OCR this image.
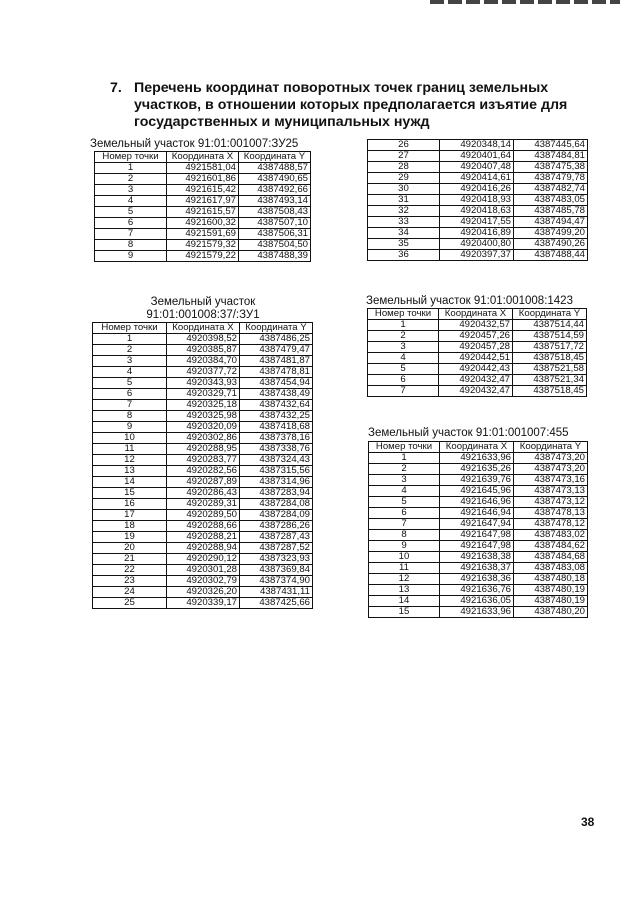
7. Перечень координат поворотных точек границ земельных участков, в отношении которых предполагается изъятие для государственных и муниципальных нужд
Земельный участок 91:01:001007:ЗУ25
Номер точки	Координата X	Координата Y
1	4921581,04	4387488,57
2	4921601,86	4387490,65
3	4921615,42	4387492,66
4	4921617,97	4387493,14
5	4921615,57	4387508,43
6	4921600,32	4387507,10
7	4921591,69	4387506,31
8	4921579,32	4387504,50
9	4921579,22	4387488,39
Земельный участок
91:01:001008:37/:ЗУ1
Номер точки	Координата X	Координата Y
1	4920398,52	4387486,25
2	4920385,87	4387479,47
3	4920384,70	4387481,87
4	4920377,72	4387478,81
5	4920343,93	4387454,94
6	4920329,71	4387438,49
7	4920325,18	4387432,64
8	4920325,98	4387432,25
9	4920320,09	4387418,68
10	4920302,86	4387378,16
11	4920288,95	4387338,76
12	4920283,77	4387324,43
13	4920282,56	4387315,56
14	4920287,89	4387314,96
15	4920286,43	4387283,94
16	4920289,31	4387284,08
17	4920289,50	4387284,09
18	4920288,66	4387286,26
19	4920288,21	4387287,43
20	4920288,94	4387287,52
21	4920290,12	4387323,93
22	4920301,28	4387369,84
23	4920302,79	4387374,90
24	4920326,20	4387431,11
25	4920339,17	4387425,66
26	4920348,14	4387445,64
27	4920401,64	4387484,81
28	4920407,48	4387475,38
29	4920414,61	4387479,78
30	4920416,26	4387482,74
31	4920418,93	4387483,05
32	4920418,63	4387485,78
33	4920417,55	4387494,47
34	4920416,89	4387499,20
35	4920400,80	4387490,26
36	4920397,37	4387488,44
Земельный участок 91:01:001008:1423
Номер точки	Координата X	Координата Y
1	4920432,57	4387514,44
2	4920457,26	4387514,59
3	4920457,28	4387517,72
4	4920442,51	4387518,45
5	4920442,43	4387521,58
6	4920432,47	4387521,34
7	4920432,47	4387518,45
Земельный участок 91:01:001007:455
Номер точки	Координата X	Координата Y
1	4921633,96	4387473,20
2	4921635,26	4387473,20
3	4921639,76	4387473,16
4	4921645,96	4387473,13
5	4921646,96	4387473,12
6	4921646,94	4387478,13
7	4921647,94	4387478,12
8	4921647,98	4387483,02
9	4921647,98	4387484,62
10	4921638,38	4387484,68
11	4921638,37	4387483,08
12	4921638,36	4387480,18
13	4921636,76	4387480,19
14	4921636,05	4387480,19
15	4921633,96	4387480,20
38
